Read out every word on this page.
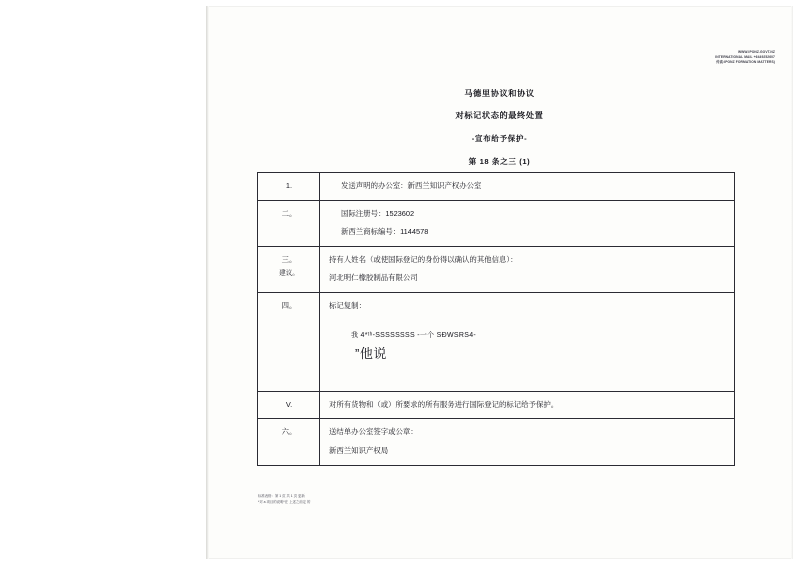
WWW.IPONZ.GOVT.NZ
INTERNATIONAL MAIL +6449252607
传真:IPONZ FORMATION MATTERS)
马德里协议和协议
对标记状态的最终处置
-宣布给予保护-
第 18 条之三 (1)
1.	发送声明的办公室：新西兰知识产权办公室

二。	国际注册号：1523602
新西兰商标编号：1144578

三。
建议。	持有人姓名（或使国际登记的身份得以确认的其他信息）：
河北明仁橡胶制品有限公司

四。	标记复制：
我 4*ᵗʰ-SSSSSSSS -一个 SĐWSRS4-
”他说

V.	对所有货物和（或）所要求的所有服务进行国际登记的标记给予保护。

六。	送结单办公室签字或公章：
新西兰知识产权局
标准表格：第 1 页 共 1 页 更新
*对 a 项目的说明*在 上述之前定 的
